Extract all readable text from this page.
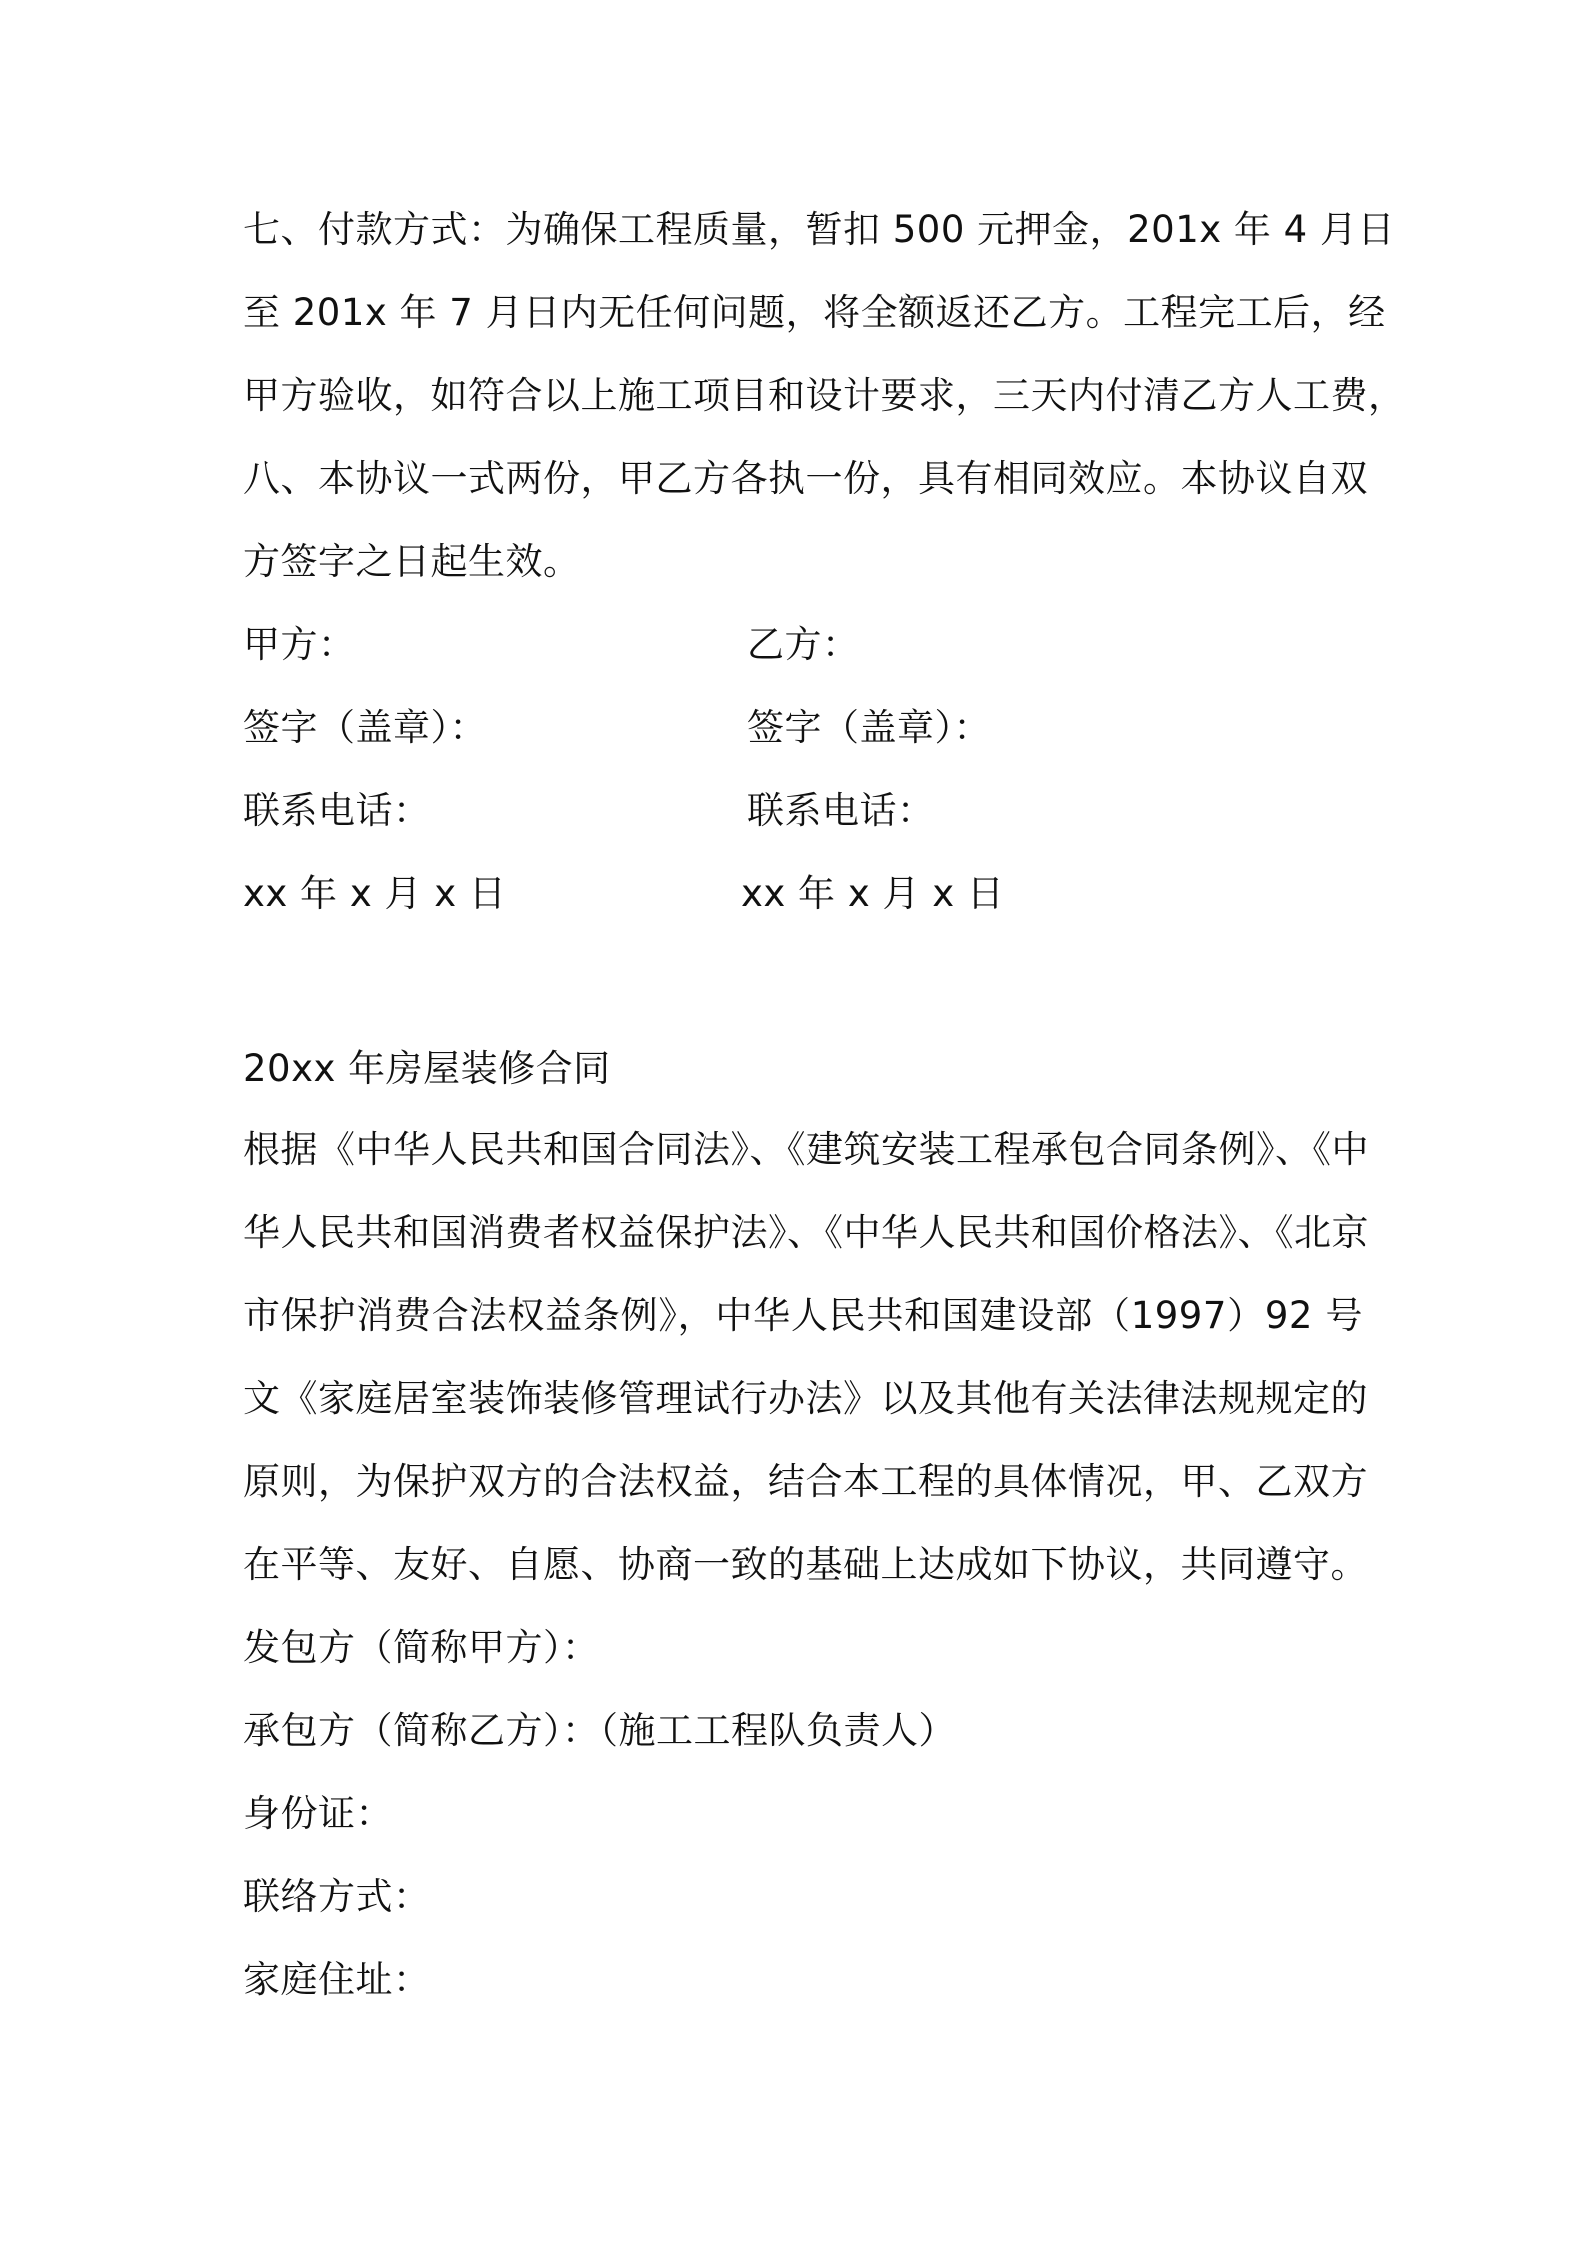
七、付款方式：为确保工程质量，暂扣 500 元押金，201x 年 4 月日
至 201x 年 7 月日内无任何问题，将全额返还乙方。工程完工后，经
甲方验收，如符合以上施工项目和设计要求，三天内付清乙方人工费，
八、本协议一式两份，甲乙方各执一份，具有相同效应。本协议自双
方签字之日起生效。
甲方：	乙方：
签字（盖章）：	签字（盖章）：
联系电话：	联系电话：
xx 年 x 月 x 日	xx 年 x 月 x 日
20xx 年房屋装修合同
根据《中华人民共和国合同法》、《建筑安装工程承包合同条例》、《中
华人民共和国消费者权益保护法》、《中华人民共和国价格法》、《北京
市保护消费合法权益条例》，中华人民共和国建设部（1997）92 号
文《家庭居室装饰装修管理试行办法》以及其他有关法律法规规定的
原则，为保护双方的合法权益，结合本工程的具体情况，甲、乙双方
在平等、友好、自愿、协商一致的基础上达成如下协议，共同遵守。
发包方（简称甲方）：
承包方（简称乙方）：（施工工程队负责人）
身份证：
联络方式：
家庭住址：
